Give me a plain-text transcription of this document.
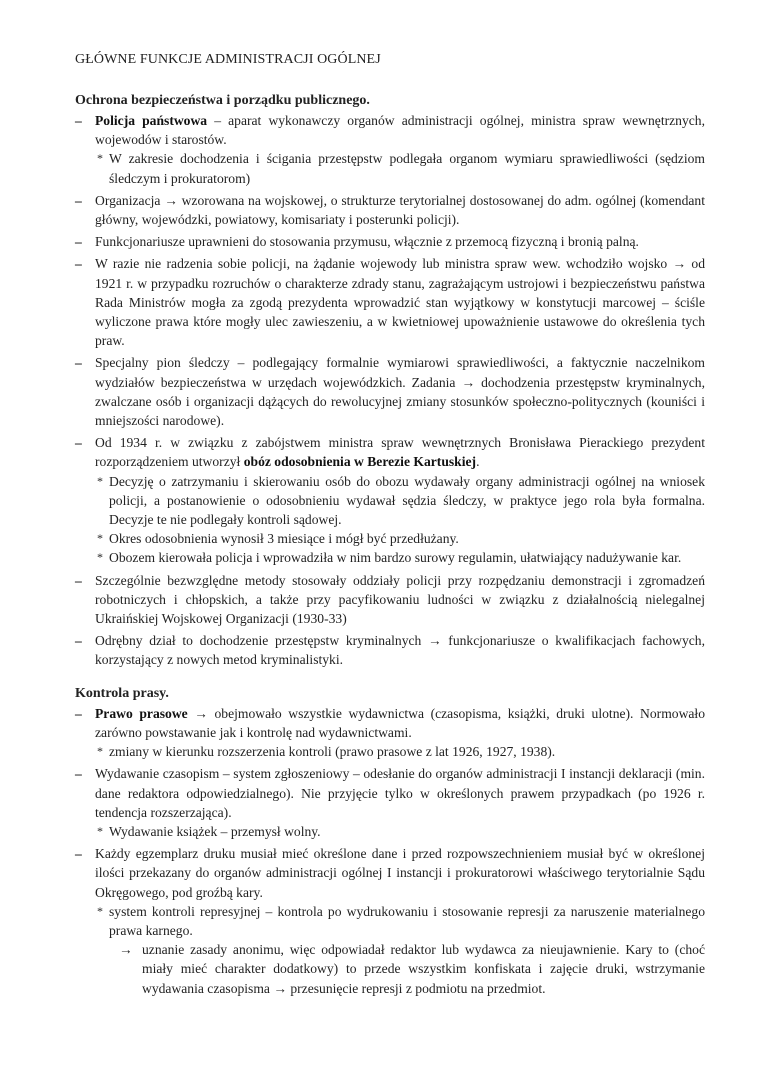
GŁÓWNE FUNKCJE ADMINISTRACJI OGÓLNEJ
Ochrona bezpieczeństwa i porządku publicznego.
– Policja państwowa – aparat wykonawczy organów administracji ogólnej, ministra spraw wewnętrznych, wojewodów i starostów.
* W zakresie dochodzenia i ścigania przestępstw podlegała organom wymiaru sprawiedliwości (sędziom śledczym i prokuratorom)
– Organizacja → wzorowana na wojskowej, o strukturze terytorialnej dostosowanej do adm. ogólnej (komendant główny, wojewódzki, powiatowy, komisariaty i posterunki policji).
– Funkcjonariusze uprawnieni do stosowania przymusu, włącznie z przemocą fizyczną i bronią palną.
– W razie nie radzenia sobie policji, na żądanie wojewody lub ministra spraw wew. wchodziło wojsko → od 1921 r. w przypadku rozruchów o charakterze zdrady stanu, zagrażającym ustrojowi i bezpieczeństwu państwa Rada Ministrów mogła za zgodą prezydenta wprowadzić stan wyjątkowy w konstytucji marcowej – ściśle wyliczone prawa które mogły ulec zawieszeniu, a w kwietniowej upoważnienie ustawowe do określenia tych praw.
– Specjalny pion śledczy – podlegający formalnie wymiarowi sprawiedliwości, a faktycznie naczelnikom wydziałów bezpieczeństwa w urzędach wojewódzkich. Zadania → dochodzenia przestępstw kryminalnych, zwalczane osób i organizacji dążących do rewolucyjnej zmiany stosunków społeczno-politycznych (kouniści i mniejszości narodowe).
– Od 1934 r. w związku z zabójstwem ministra spraw wewnętrznych Bronisława Pierackiego prezydent rozporządzeniem utworzył obóz odosobnienia w Berezie Kartuskiej.
* Decyzję o zatrzymaniu i skierowaniu osób do obozu wydawały organy administracji ogólnej na wniosek policji, a postanowienie o odosobnieniu wydawał sędzia śledczy, w praktyce jego rola była formalna. Decyzje te nie podlegały kontroli sądowej.
* Okres odosobnienia wynosił 3 miesiące i mógł być przedłużany.
* Obozem kierowała policja i wprowadziła w nim bardzo surowy regulamin, ułatwiający nadużywanie kar.
– Szczególnie bezwzględne metody stosowały oddziały policji przy rozpędzaniu demonstracji i zgromadzeń robotniczych i chłopskich, a także przy pacyfikowaniu ludności w związku z działalnością nielegalnej Ukraińskiej Wojskowej Organizacji (1930-33)
– Odrębny dział to dochodzenie przestępstw kryminalnych → funkcjonariusze o kwalifikacjach fachowych, korzystający z nowych metod kryminalistyki.
Kontrola prasy.
– Prawo prasowe → obejmowało wszystkie wydawnictwa (czasopisma, książki, druki ulotne). Normowało zarówno powstawanie jak i kontrolę nad wydawnictwami.
* zmiany w kierunku rozszerzenia kontroli (prawo prasowe z lat 1926, 1927, 1938).
– Wydawanie czasopism – system zgłoszeniowy – odesłanie do organów administracji I instancji deklaracji (min. dane redaktora odpowiedzialnego). Nie przyjęcie tylko w określonych prawem przypadkach (po 1926 r. tendencja rozszerzająca).
* Wydawanie książek – przemysł wolny.
– Każdy egzemplarz druku musiał mieć określone dane i przed rozpowszechnieniem musiał być w określonej ilości przekazany do organów administracji ogólnej I instancji i prokuratorowi właściwego terytorialnie Sądu Okręgowego, pod groźbą kary.
* system kontroli represyjnej – kontrola po wydrukowaniu i stosowanie represji za naruszenie materialnego prawa karnego.
→ uznanie zasady anonimu, więc odpowiadał redaktor lub wydawca za nieujawnienie. Kary to (choć miały mieć charakter dodatkowy) to przede wszystkim konfiskata i zajęcie druki, wstrzymanie wydawania czasopisma → przesunięcie represji z podmiotu na przedmiot.
